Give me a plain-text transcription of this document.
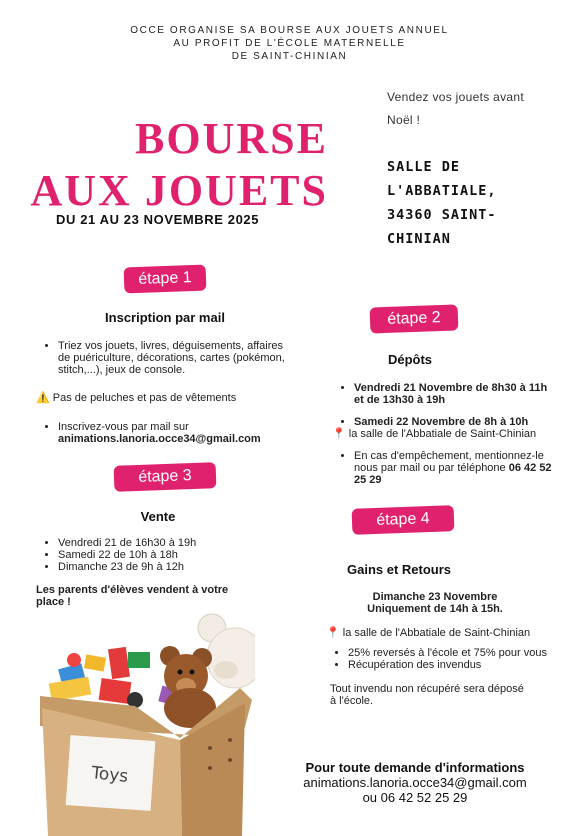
OCCE ORGANISE SA BOURSE AUX JOUETS ANNUEL
AU PROFIT DE L'ÉCOLE MATERNELLE
DE SAINT-CHINIAN
BOURSE
AUX JOUETS
DU 21 AU 23 NOVEMBRE 2025
Vendez vos jouets avant
Noël !
SALLE DE
L'ABBATIALE,
34360 SAINT-
CHINIAN
étape 1
Inscription par mail
• Triez vos jouets, livres, déguisements, affaires de puériculture, décorations, cartes (pokémon, stitch,...), jeux de console.
⚠️ Pas de peluches et pas de vêtements
• Inscrivez-vous par mail sur
animations.lanoria.occe34@gmail.com
étape 3
Vente
• Vendredi 21 de 16h30 à 19h
• Samedi 22 de 10h à 18h
• Dimanche 23 de 9h à 12h
Les parents d'élèves vendent à votre place !
étape 2
Dépôts
• Vendredi 21 Novembre de 8h30 à 11h et de 13h30 à 19h
• Samedi 22 Novembre de 8h à 10h
📍 la salle de l'Abbatiale de Saint-Chinian
• En cas d'empêchement, mentionnez-le nous par mail ou par téléphone 06 42 52 25 29
étape 4
Gains et Retours
Dimanche 23 Novembre
Uniquement de 14h à 15h.
📍 la salle de l'Abbatiale de Saint-Chinian
• 25% reversés à l'école et 75% pour vous
• Récupération des invendus
Tout invendu non récupéré sera déposé à l'école.
Toys	Pour toute demande d'informations
animations.lanoria.occe34@gmail.com
ou 06 42 52 25 29
